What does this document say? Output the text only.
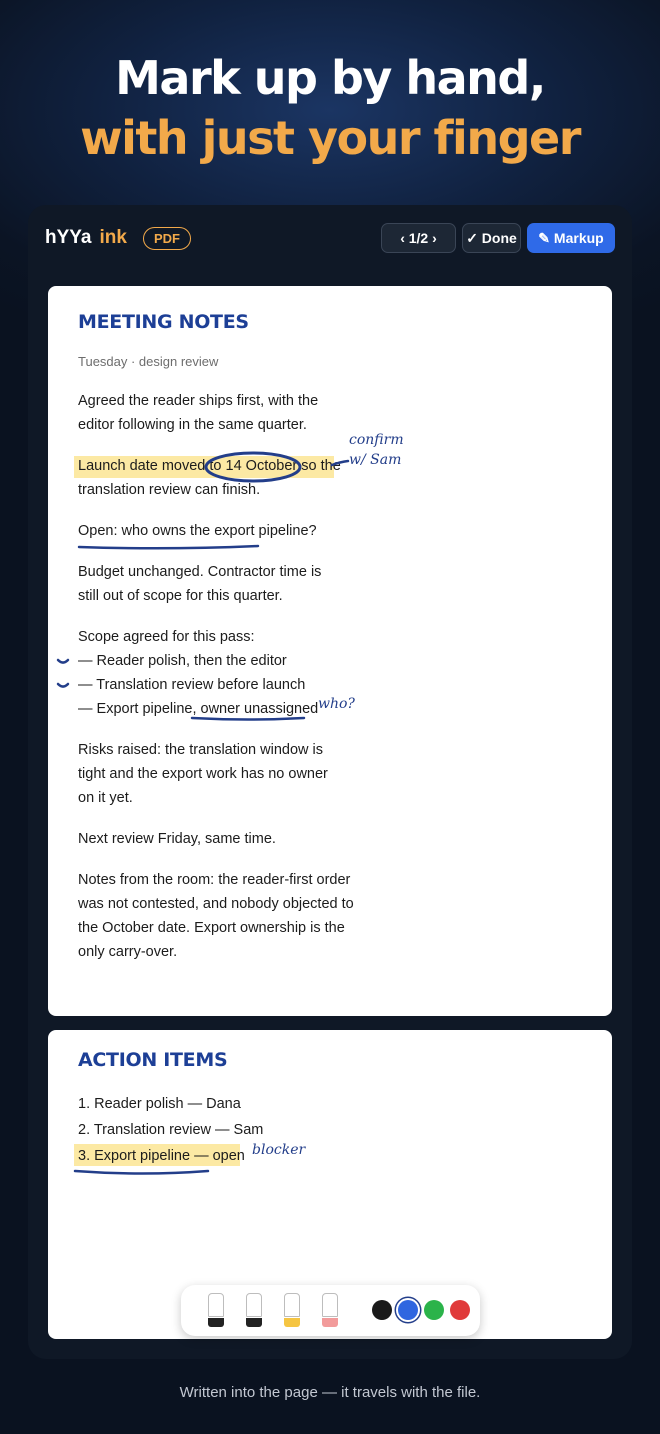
Mark up by hand,
with just your finger
hYYa ink	PDF	‹ 1/2 ›	✓ Done	✎ Markup
MEETING NOTES
Tuesday · design review
Agreed the reader ships first, with the
editor following in the same quarter.
Launch date moved to 14 October so the
translation review can finish.
Open: who owns the export pipeline?
Budget unchanged. Contractor time is
still out of scope for this quarter.
Scope agreed for this pass:
— Reader polish, then the editor
— Translation review before launch
— Export pipeline, owner unassigned
Risks raised: the translation window is
tight and the export work has no owner
on it yet.
Next review Friday, same time.
Notes from the room: the reader-first order
was not contested, and nobody objected to
the October date. Export ownership is the
only carry-over.
confirm
w/ Sam
who?
ACTION ITEMS
1. Reader polish — Dana
2. Translation review — Sam
3. Export pipeline — open blocker
Written into the page — it travels with the file.
